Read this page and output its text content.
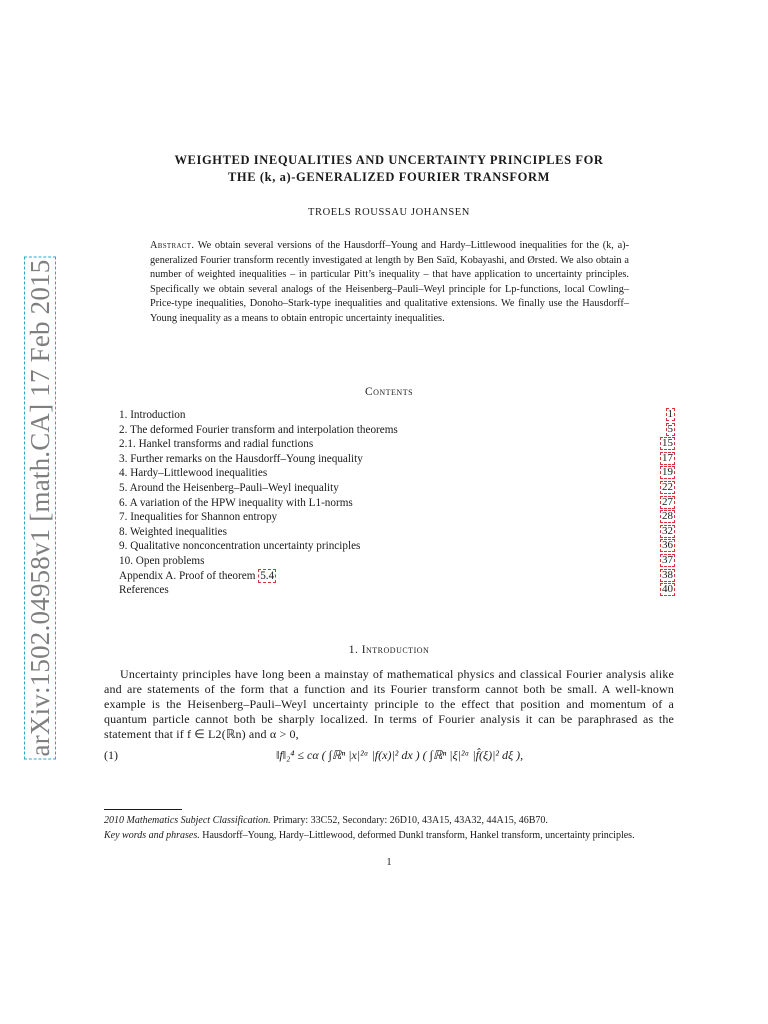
arXiv:1502.04958v1 [math.CA] 17 Feb 2015
WEIGHTED INEQUALITIES AND UNCERTAINTY PRINCIPLES FOR
THE (k, a)-GENERALIZED FOURIER TRANSFORM
TROELS ROUSSAU JOHANSEN
Abstract. We obtain several versions of the Hausdorff–Young and Hardy–Littlewood inequalities for the (k, a)-generalized Fourier transform recently investigated at length by Ben Saïd, Kobayashi, and Ørsted. We also obtain a number of weighted inequalities – in particular Pitt’s inequality – that have application to uncertainty principles. Specifically we obtain several analogs of the Heisenberg–Pauli–Weyl principle for Lp-functions, local Cowling–Price-type inequalities, Donoho–Stark-type inequalities and qualitative extensions. We finally use the Hausdorff–Young inequality as a means to obtain entropic uncertainty inequalities.
Contents
1. Introduction	1
2. The deformed Fourier transform and interpolation theorems	5
2.1. Hankel transforms and radial functions	15
3. Further remarks on the Hausdorff–Young inequality	17
4. Hardy–Littlewood inequalities	19
5. Around the Heisenberg–Pauli–Weyl inequality	22
6. A variation of the HPW inequality with L1-norms	27
7. Inequalities for Shannon entropy	28
8. Weighted inequalities	32
9. Qualitative nonconcentration uncertainty principles	36
10. Open problems	37
Appendix A. Proof of theorem 5.4	38
References	40
1. Introduction
Uncertainty principles have long been a mainstay of mathematical physics and classical Fourier analysis alike and are statements of the form that a function and its Fourier transform cannot both be small. A well-known example is the Heisenberg–Pauli–Weyl uncertainty principle to the effect that position and momentum of a quantum particle cannot both be sharply localized. In terms of Fourier analysis it can be paraphrased as the statement that if f ∈ L2(ℝn) and α > 0,
(1)	‖f‖₂⁴ ≤ cα ( ∫ℝⁿ |x|²ᵅ |f(x)|² dx ) ( ∫ℝⁿ |ξ|²ᵅ |f̂(ξ)|² dξ ),
2010 Mathematics Subject Classification. Primary: 33C52, Secondary: 26D10, 43A15, 43A32, 44A15, 46B70.
Key words and phrases. Hausdorff–Young, Hardy–Littlewood, deformed Dunkl transform, Hankel transform, uncertainty principles.
1
